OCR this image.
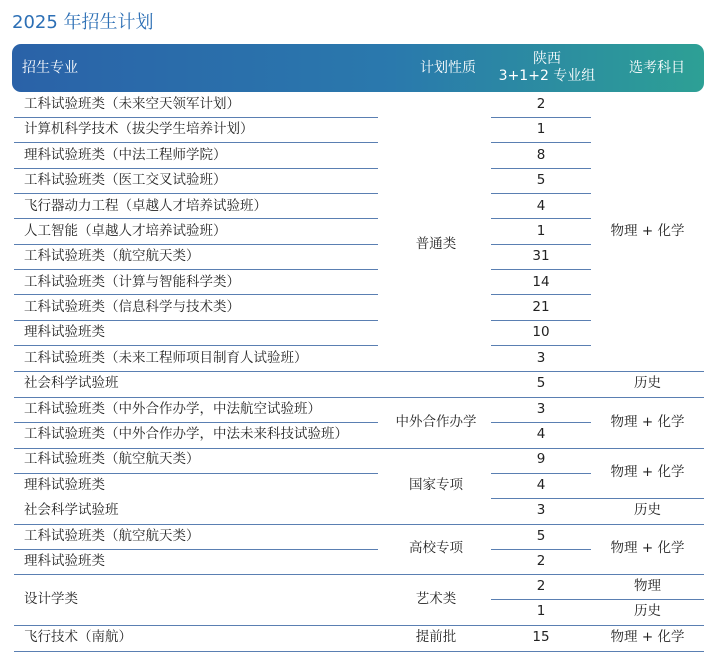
2025 年招生计划
招生专业	计划性质
陕西
3+1+2 专业组
选考科目
工科试验班类（未来空天领军计划）
计算机科学技术（拔尖学生培养计划）
理科试验班类（中法工程师学院）
工科试验班类（医工交叉试验班）
飞行器动力工程（卓越人才培养试验班）
人工智能（卓越人才培养试验班）
工科试验班类（航空航天类）
工科试验班类（计算与智能科学类）
工科试验班类（信息科学与技术类）
理科试验班类
工科试验班类（未来工程师项目制育人试验班）
社会科学试验班
工科试验班类（中外合作办学，中法航空试验班）
工科试验班类（中外合作办学，中法未来科技试验班）
工科试验班类（航空航天类）
理科试验班类
社会科学试验班
工科试验班类（航空航天类）
理科试验班类
设计学类
飞行技术（南航）
2
1
8
5
4
1
31
14
21
10
3
5
3
4
9
4
3
5
2
2
1
15
普通类
中外合作办学
国家专项
高校专项
艺术类
提前批
物理 + 化学
历史
物理 + 化学
物理 + 化学
历史
物理 + 化学
物理
历史
物理 + 化学
